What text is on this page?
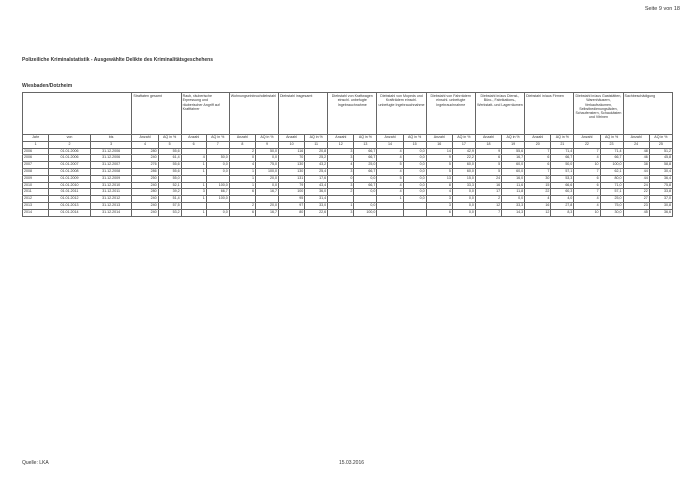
Seite 9 von 18
Polizeiliche Kriminalstatistik - Ausgewählte Delikte des Kriminalitätsgeschehens
Wiesbaden/Dotzheim
			Straftaten gesamt		Raub, räuberische Erpressung und räuberischer Angriff auf Kraftfahrer		Wohnungseinbruchdiebstahl		Diebstahl insgesamt		Diebstahl von Kraftwagen einschl. unbefugte Ingebrauchnahme		Diebstahl von Mopeds und Krafträdern einschl. unbefugte Ingebrauchnahme		Diebstahl von Fahrrädern einschl. unbefugte Ingebrauchnahme		Diebstahl in/aus Dienst-, Büro-, Fabrikations-, Werkstatt- und Lagerräumen		Diebstahl in/aus Firmen		Diebstahl in/aus Gaststätten, Warenhäusern, Verkaufsräumen, Selbstbedienungsläden, Schaufenstern, Schaukästen und Vitrinen		Sachbeschädigung	
Jahr	von	bis	Anzahl	AQ in %	Anzahl	AQ in %	Anzahl	AQ in %	Anzahl	AQ in %	Anzahl	AQ in %	Anzahl	AQ in %	Anzahl	AQ in %	Anzahl	AQ in %	Anzahl	AQ in %	Anzahl	AQ in %	Anzahl	AQ in %
1	2	3	4	5	6	7	8	9	10	11	12	13	14	15	16	17	18	19	20	21	22	23	24	25
2006	01.01.2006	31.12.2006	280	55,6			2	50,0	116	20,8	3	66,7	4	0,0	14	42,9	9	55,6	7	71,4	7	71,4	48	51,2
2006	01.01.2006	31.12.2006	240	61,4	4	50,0	0	0,0	70	25,2	3	66,7	4	0,0	9	22,2	6	16,7	6	66,7	4	66,7	46	45,8
2007	01.01.2007	31.12.2007	276	55,6	1	0,0	4	75,0	130	43,2	4	25,0	5	0,0	5	60,0	5	60,0	6	50,0	10	100,0	38	58,8
2008	01.01.2008	31.12.2008	286	55,6	1	0,0	1	100,0	130	25,4	3	66,7	4	0,0	5	60,0	5	60,0	7	57,1	7	62,1	44	30,4
2009	01.01.2009	31.12.2009	250	55,0			1	20,0	131	17,6	0	0,0	5	0,0	13	15,0	24	16,0	30	53,3	6	80,0	44	36,4
2010	01.01.2010	31.12.2010	240	52,1	1	100,0	1	0,0	79	43,4	3	66,7	4	0,0	8	33,3	16	11,6	15	66,6	6	71,0	24	75,8
2011	01.01.2011	31.12.2011	280	39,2	3	66,7	6	16,7	100	36,0	2	0,0	4	0,0	4	0,0	17	11,8	22	60,3	7	57,1	22	33,8
2012	01.01.2012	31.12.2012	240	51,4	1	100,0			95	31,4			1	0,0	3	0,0	2	0,0	4	4,0	4	25,0	27	37,0
2013	01.01.2013	31.12.2013	240	57,5			2	20,0	97	33,0	1	0,0			3	0,0	12	33,3	16	27,8	4	75,0	23	30,8
2014	01.01.2014	31.12.2014	240	53,2	1	0,0	6	16,7	80	22,6	3	100,0			6	0,0	7	14,3	12	8,3	10	30,0	45	36,6
Quelle: LKA	15.03.2016
